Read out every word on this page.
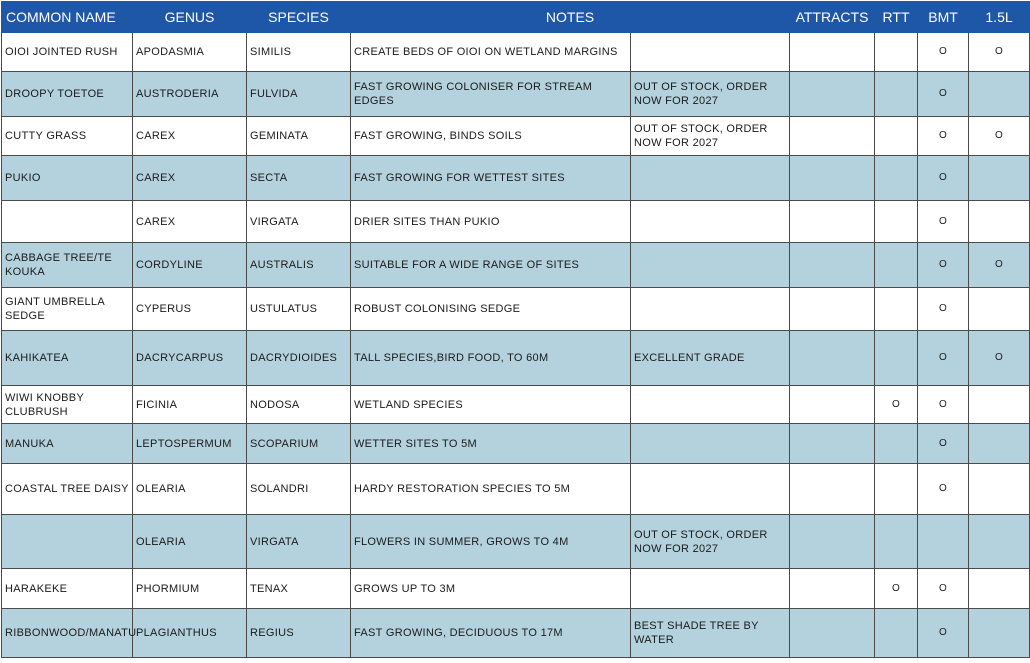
COMMON NAME	GENUS	SPECIES	NOTES		ATTRACTS	RTT	BMT	1.5L
OIOI JOINTED RUSH	APODASMIA	SIMILIS	CREATE BEDS OF OIOI ON WETLAND MARGINS				O	O
DROOPY TOETOE	AUSTRODERIA	FULVIDA	FAST GROWING COLONISER FOR STREAM EDGES	OUT OF STOCK, ORDER NOW FOR 2027			O	
CUTTY GRASS	CAREX	GEMINATA	FAST GROWING, BINDS SOILS	OUT OF STOCK, ORDER NOW FOR 2027			O	O
PUKIO	CAREX	SECTA	FAST GROWING FOR WETTEST SITES				O	
	CAREX	VIRGATA	DRIER SITES THAN PUKIO				O	
CABBAGE TREE/TE KOUKA	CORDYLINE	AUSTRALIS	SUITABLE FOR A WIDE RANGE OF SITES				O	O
GIANT UMBRELLA SEDGE	CYPERUS	USTULATUS	ROBUST COLONISING SEDGE				O	
KAHIKATEA	DACRYCARPUS	DACRYDIOIDES	TALL SPECIES,BIRD FOOD, TO 60M	EXCELLENT GRADE			O	O
WIWI KNOBBY CLUBRUSH	FICINIA	NODOSA	WETLAND SPECIES			O	O	
MANUKA	LEPTOSPERMUM	SCOPARIUM	WETTER SITES TO 5M				O	
COASTAL TREE DAISY	OLEARIA	SOLANDRI	HARDY RESTORATION SPECIES TO 5M				O	
	OLEARIA	VIRGATA	FLOWERS IN SUMMER, GROWS TO 4M	OUT OF STOCK, ORDER NOW FOR 2027				
HARAKEKE	PHORMIUM	TENAX	GROWS UP TO 3M			O	O	
RIBBONWOOD/MANATU	PLAGIANTHUS	REGIUS	FAST GROWING, DECIDUOUS TO 17M	BEST SHADE TREE BY WATER			O	
